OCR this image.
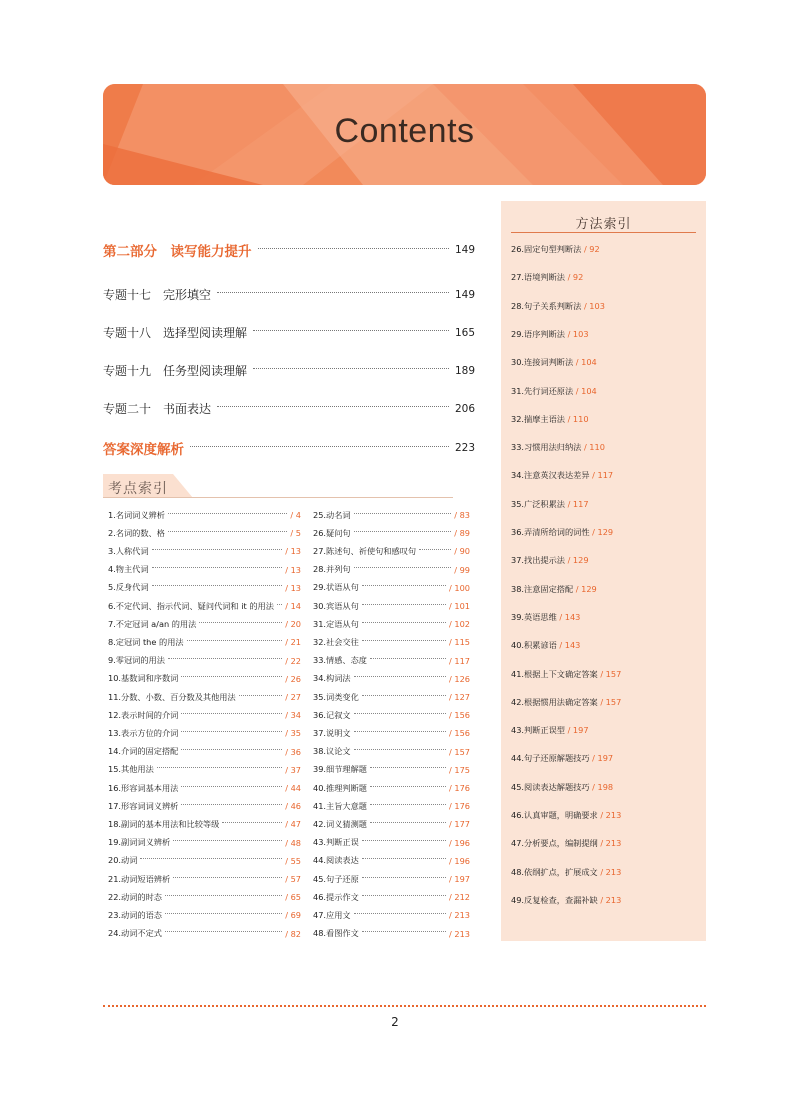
Contents
第二部分　读写能力提升	149
专题十七　完形填空	149
专题十八　选择型阅读理解	165
专题十九　任务型阅读理解	189
专题二十　书面表达	206
答案深度解析	223
考点索引
1.名词词义辨析	/ 4
2.名词的数、格	/ 5
3.人称代词	/ 13
4.物主代词	/ 13
5.反身代词	/ 13
6.不定代词、指示代词、疑问代词和 it 的用法 / 14
7.不定冠词 a/an 的用法	/ 20
8.定冠词 the 的用法	/ 21
9.零冠词的用法	/ 22
10.基数词和序数词	/ 26
11.分数、小数、百分数及其他用法	/ 27
12.表示时间的介词	/ 34
13.表示方位的介词	/ 35
14.介词的固定搭配	/ 36
15.其他用法	/ 37
16.形容词基本用法	/ 44
17.形容词词义辨析	/ 46
18.副词的基本用法和比较等级	/ 47
19.副词词义辨析	/ 48
20.动词	/ 55
21.动词短语辨析	/ 57
22.动词的时态	/ 65
23.动词的语态	/ 69
24.动词不定式	/ 82
25.动名词	/ 83
26.疑问句	/ 89
27.陈述句、祈使句和感叹句	/ 90
28.并列句	/ 99
29.状语从句	/ 100
30.宾语从句	/ 101
31.定语从句	/ 102
32.社会交往	/ 115
33.情感、态度	/ 117
34.构词法	/ 126
35.词类变化	/ 127
36.记叙文	/ 156
37.说明文	/ 156
38.议论文	/ 157
39.细节理解题	/ 175
40.推理判断题	/ 176
41.主旨大意题	/ 176
42.词义猜测题	/ 177
43.判断正误	/ 196
44.阅读表达	/ 196
45.句子还原	/ 197
46.提示作文	/ 212
47.应用文	/ 213
48.看图作文	/ 213
方法索引
26.固定句型判断法 / 92
27.语境判断法 / 92
28.句子关系判断法 / 103
29.语序判断法 / 103
30.连接词判断法 / 104
31.先行词还原法 / 104
32.揣摩主语法 / 110
33.习惯用法归纳法 / 110
34.注意英汉表达差异 / 117
35.广泛积累法 / 117
36.弄清所给词的词性 / 129
37.找出提示法 / 129
38.注意固定搭配 / 129
39.英语思维 / 143
40.积累谚语 / 143
41.根据上下文确定答案 / 157
42.根据惯用法确定答案 / 157
43.判断正误型 / 197
44.句子还原解题技巧 / 197
45.阅读表达解题技巧 / 198
46.认真审题，明确要求 / 213
47.分析要点，编制提纲 / 213
48.依纲扩点，扩展成文 / 213
49.反复检查，查漏补缺 / 213
2
